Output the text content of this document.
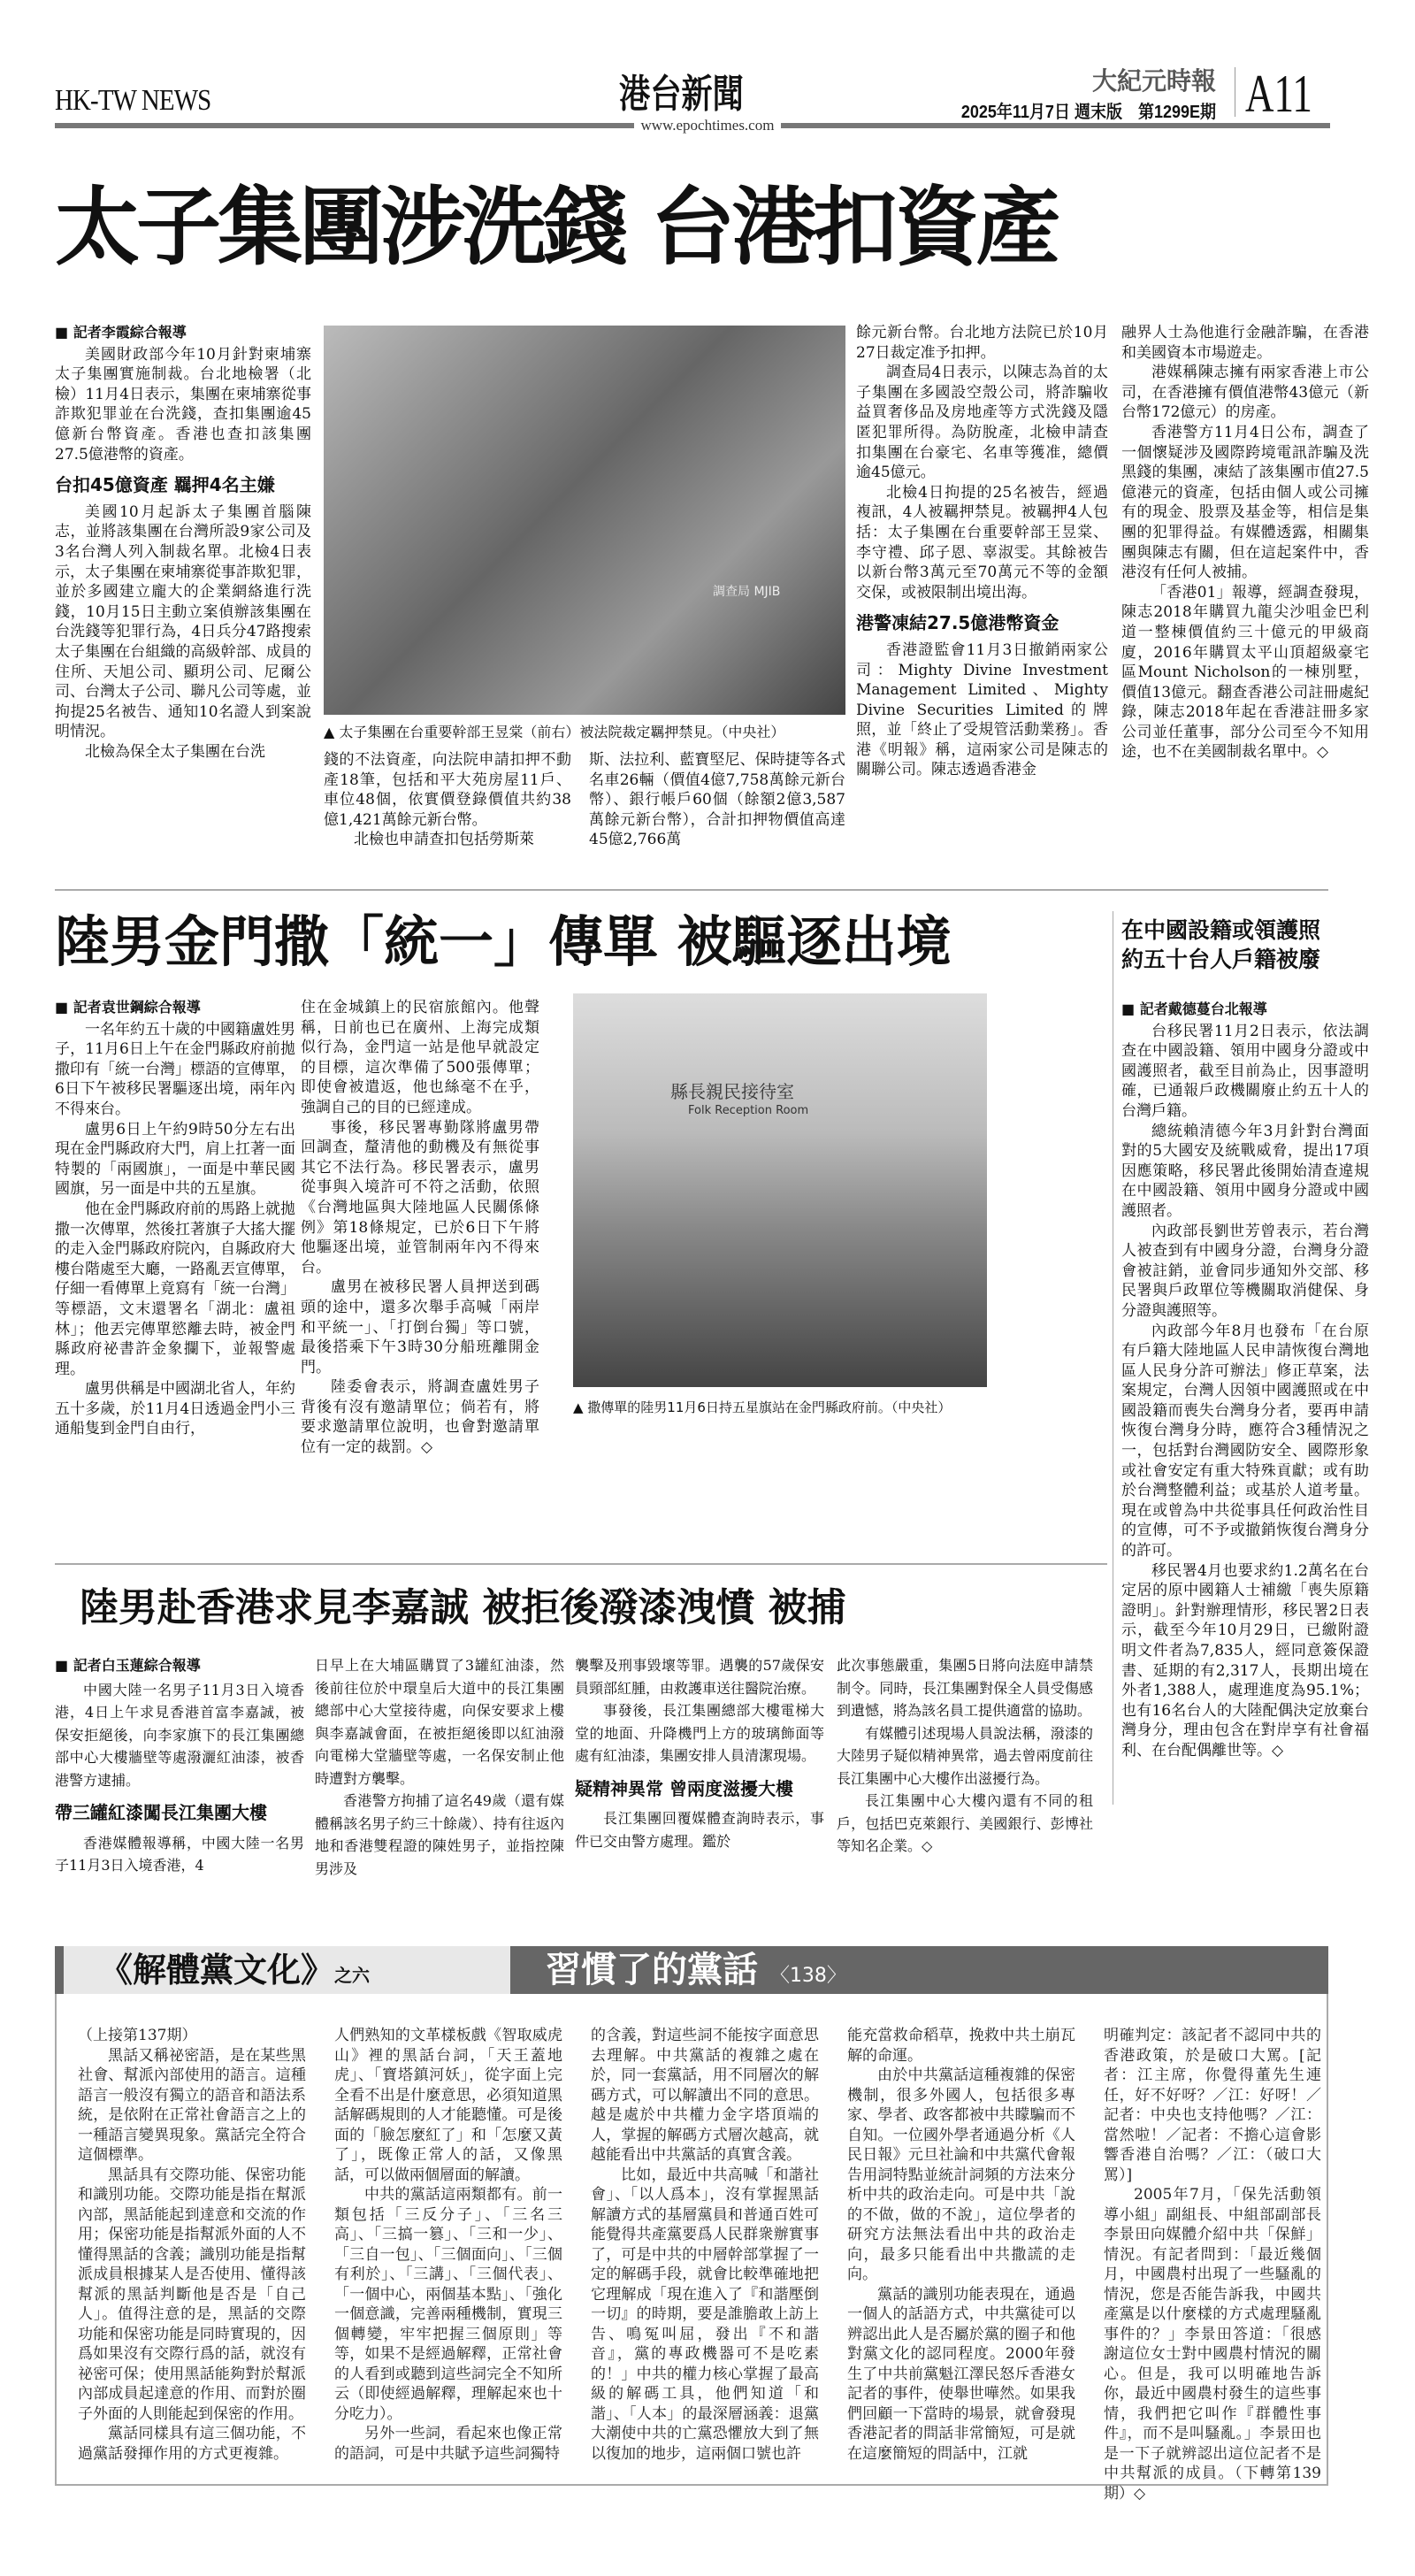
HK-TW NEWS	港台新聞
www.epochtimes.com
大紀元時報
2025年11月7日 週末版　第1299E期 A11
太子集團涉洗錢 台港扣資產
■ 記者李霞綜合報導

美國財政部今年10月針對柬埔寨太子集團實施制裁。台北地檢署（北檢）11月4日表示，集團在柬埔寨從事詐欺犯罪並在台洗錢，查扣集團逾45億新台幣資產。香港也查扣該集團27.5億港幣的資產。

台扣45億資產 羈押4名主嫌

美國10月起訴太子集團首腦陳志，並將該集團在台灣所設9家公司及3名台灣人列入制裁名單。北檢4日表示，太子集團在柬埔寨從事詐欺犯罪，並於多國建立龐大的企業網絡進行洗錢，10月15日主動立案偵辦該集團在台洗錢等犯罪行為，4日兵分47路搜索太子集團在台組織的高級幹部、成員的住所、天旭公司、顯玥公司、尼爾公司、台灣太子公司、聯凡公司等處，並拘提25名被告、通知10名證人到案說明情況。

北檢為保全太子集團在台洗

調查局 MJIB
▲ 太子集團在台重要幹部王昱棠（前右）被法院裁定羈押禁見。（中央社）

錢的不法資產，向法院申請扣押不動產18筆，包括和平大苑房屋11戶、車位48個，依實價登錄價值共約38億1,421萬餘元新台幣。

北檢也申請查扣包括勞斯萊

斯、法拉利、藍寶堅尼、保時捷等各式名車26輛（價值4億7,758萬餘元新台幣）、銀行帳戶60個（餘額2億3,587萬餘元新台幣），合計扣押物價值高達45億2,766萬

餘元新台幣。台北地方法院已於10月27日裁定准予扣押。

調查局4日表示，以陳志為首的太子集團在多國設空殼公司，將詐騙收益買奢侈品及房地產等方式洗錢及隱匿犯罪所得。為防脫產，北檢申請查扣集團在台豪宅、名車等獲准，總價逾45億元。

北檢4日拘提的25名被告，經過複訊，4人被羈押禁見。被羈押4人包括：太子集團在台重要幹部王昱棠、李守禮、邱子恩、辜淑雯。其餘被告以新台幣3萬元至70萬元不等的金額交保，或被限制出境出海。

港警凍結27.5億港幣資金

香港證監會11月3日撤銷兩家公司：Mighty Divine Investment Management Limited、Mighty Divine Securities Limited的牌照，並「終止了受規管活動業務」。香港《明報》稱，這兩家公司是陳志的關聯公司。陳志透過香港金

融界人士為他進行金融詐騙，在香港和美國資本市場遊走。

港媒稱陳志擁有兩家香港上市公司，在香港擁有價值港幣43億元（新台幣172億元）的房產。

香港警方11月4日公布，調查了一個懷疑涉及國際跨境電訊詐騙及洗黑錢的集團，凍結了該集團市值27.5億港元的資產，包括由個人或公司擁有的現金、股票及基金等，相信是集團的犯罪得益。有媒體透露，相關集團與陳志有關，但在這起案件中，香港沒有任何人被捕。

「香港01」報導，經調查發現，陳志2018年購買九龍尖沙咀金巴利道一整棟價值約三十億元的甲級商廈，2016年購買太平山頂超級豪宅區Mount Nicholson的一棟別墅，價值13億元。翻查香港公司註冊處紀錄，陳志2018年起在香港註冊多家公司並任董事，部分公司至今不知用途，也不在美國制裁名單中。◇

陸男金門撒「統一」傳單 被驅逐出境
■ 記者袁世鋼綜合報導

一名年約五十歲的中國籍盧姓男子，11月6日上午在金門縣政府前拋撒印有「統一台灣」標語的宣傳單，6日下午被移民署驅逐出境，兩年內不得來台。

盧男6日上午約9時50分左右出現在金門縣政府大門，肩上扛著一面特製的「兩國旗」，一面是中華民國國旗，另一面是中共的五星旗。

他在金門縣政府前的馬路上就拋撒一次傳單，然後扛著旗子大搖大擺的走入金門縣政府院內，自縣政府大樓台階處至大廳，一路亂丟宣傳單，仔細一看傳單上竟寫有「統一台灣」等標語，文末還署名「湖北：盧祖林」；他丟完傳單慾離去時，被金門縣政府祕書許金象攔下，並報警處理。

盧男供稱是中國湖北省人，年約五十多歲，於11月4日透過金門小三通船隻到金門自由行，

住在金城鎮上的民宿旅館內。他聲稱，日前也已在廣州、上海完成類似行為，金門這一站是他早就設定的目標，這次準備了500張傳單；即使會被遣返，他也絲毫不在乎，強調自己的目的已經達成。

事後，移民署專勤隊將盧男帶回調查，釐清他的動機及有無從事其它不法行為。移民署表示，盧男從事與入境許可不符之活動，依照《台灣地區與大陸地區人民關係條例》第18條規定，已於6日下午將他驅逐出境，並管制兩年內不得來台。

盧男在被移民署人員押送到碼頭的途中，還多次舉手高喊「兩岸和平統一」、「打倒台獨」等口號，最後搭乘下午3時30分船班離開金門。

陸委會表示，將調查盧姓男子背後有沒有邀請單位；倘若有，將要求邀請單位說明，也會對邀請單位有一定的裁罰。◇

縣長親民接待室
Folk Reception Room
▲ 撒傳單的陸男11月6日持五星旗站在金門縣政府前。（中央社）
在中國設籍或領護照
約五十台人戶籍被廢
■ 記者戴德蔓台北報導

台移民署11月2日表示，依法調查在中國設籍、領用中國身分證或中國護照者，截至目前為止，因事證明確，已通報戶政機關廢止約五十人的台灣戶籍。

總統賴清德今年3月針對台灣面對的5大國安及統戰威脅，提出17項因應策略，移民署此後開始清查違規在中國設籍、領用中國身分證或中國護照者。

內政部長劉世芳曾表示，若台灣人被查到有中國身分證，台灣身分證會被註銷，並會同步通知外交部、移民署與戶政單位等機關取消健保、身分證與護照等。

內政部今年8月也發布「在台原有戶籍大陸地區人民申請恢復台灣地區人民身分許可辦法」修正草案，法案規定，台灣人因領中國護照或在中國設籍而喪失台灣身分者，要再申請恢復台灣身分時，應符合3種情況之一，包括對台灣國防安全、國際形象或社會安定有重大特殊貢獻；或有助於台灣整體利益；或基於人道考量。現在或曾為中共從事具任何政治性目的宣傳，可不予或撤銷恢復台灣身分的許可。

移民署4月也要求約1.2萬名在台定居的原中國籍人士補繳「喪失原籍證明」。針對辦理情形，移民署2日表示，截至今年10月29日，已繳附證明文件者為7,835人，經同意簽保證書、延期的有2,317人，長期出境在外者1,388人，處理進度為95.1%；也有16名台人的大陸配偶決定放棄台灣身分，理由包含在對岸享有社會福利、在台配偶離世等。◇

陸男赴香港求見李嘉誠 被拒後潑漆洩憤 被捕
■ 記者白玉蓮綜合報導

中國大陸一名男子11月3日入境香港，4日上午求見香港首富李嘉誠，被保安拒絕後，向李家旗下的長江集團總部中心大樓牆壁等處潑灑紅油漆，被香港警方逮捕。

帶三罐紅漆闖長江集團大樓

香港媒體報導稱，中國大陸一名男子11月3日入境香港，4

日早上在大埔區購買了3罐紅油漆，然後前往位於中環皇后大道中的長江集團總部中心大堂接待處，向保安要求上樓與李嘉誠會面，在被拒絕後即以紅油潑向電梯大堂牆壁等處，一名保安制止他時遭對方襲擊。

香港警方拘捕了這名49歲（還有媒體稱該名男子約三十餘歲）、持有往返內地和香港雙程證的陳姓男子，並指控陳男涉及

襲擊及刑事毀壞等罪。遇襲的57歲保安員頸部紅腫，由救護車送往醫院治療。

事發後，長江集團總部大樓電梯大堂的地面、升降機門上方的玻璃飾面等處有紅油漆，集團安排人員清潔現場。

疑精神異常 曾兩度滋擾大樓

長江集團回覆媒體查詢時表示，事件已交由警方處理。鑑於

此次事態嚴重，集團5日將向法庭申請禁制令。同時，長江集團對保全人員受傷感到遺憾，將為該名員工提供適當的協助。

有媒體引述現場人員說法稱，潑漆的大陸男子疑似精神異常，過去曾兩度前往長江集團中心大樓作出滋擾行為。

長江集團中心大樓內還有不同的租戶，包括巴克萊銀行、美國銀行、彭博社等知名企業。◇

《解體黨文化》之六	習慣了的黨話 〈138〉
（上接第137期）

黑話又稱祕密語，是在某些黑社會、幫派內部使用的語言。這種語言一般沒有獨立的語音和語法系統，是依附在正常社會語言之上的一種語言變異現象。黨話完全符合這個標準。

黑話具有交際功能、保密功能和識別功能。交際功能是指在幫派內部，黑話能起到達意和交流的作用；保密功能是指幫派外面的人不懂得黑話的含義；識別功能是指幫派成員根據某人是否使用、懂得該幫派的黑話判斷他是否是「自己人」。值得注意的是，黑話的交際功能和保密功能是同時實現的，因爲如果沒有交際行爲的話，就沒有祕密可保；使用黑話能夠對於幫派內部成員起達意的作用、而對於圈子外面的人則能起到保密的作用。

黨話同樣具有這三個功能，不過黨話發揮作用的方式更複雜。

人們熟知的文革樣板戲《智取威虎山》裡的黑話台詞，「天王蓋地虎」、「寶塔鎮河妖」，從字面上完全看不出是什麼意思，必須知道黑話解碼規則的人才能聽懂。可是後面的「臉怎麼紅了」和「怎麼又黃了」，既像正常人的話，又像黑話，可以做兩個層面的解讀。

中共的黨話這兩類都有。前一類包括「三反分子」、「三名三高」、「三搞一篡」、「三和一少」、「三自一包」、「三個面向」、「三個有利於」、「三講」、「三個代表」、「一個中心，兩個基本點」、「強化一個意識，完善兩種機制，實現三個轉變，牢牢把握三個原則」等等，如果不是經過解釋，正常社會的人看到或聽到這些詞完全不知所云（即使經過解釋，理解起來也十分吃力）。

另外一些詞，看起來也像正常的語詞，可是中共賦予這些詞獨特

的含義，對這些詞不能按字面意思去理解。中共黨話的複雜之處在於，同一套黨話，用不同層次的解碼方式，可以解讀出不同的意思。越是處於中共權力金字塔頂端的人，掌握的解碼方式層次越高，就越能看出中共黨話的真實含義。

比如，最近中共高喊「和諧社會」、「以人爲本」，沒有掌握黑話解讀方式的基層黨員和普通百姓可能覺得共產黨要爲人民群衆辦實事了，可是中共的中層幹部掌握了一定的解碼手段，就會比較準確地把它理解成「現在進入了『和諧壓倒一切』的時期，要是誰膽敢上訪上告、鳴冤叫屈，發出『不和諧音』，黨的專政機器可不是吃素的！」中共的權力核心掌握了最高級的解碼工具，他們知道「和諧」、「人本」的最深層涵義：退黨大潮使中共的亡黨恐懼放大到了無以復加的地步，這兩個口號也許

能充當救命稻草，挽救中共土崩瓦解的命運。

由於中共黨話這種複雜的保密機制，很多外國人，包括很多專家、學者、政客都被中共矇騙而不自知。一位國外學者通過分析《人民日報》元旦社論和中共黨代會報告用詞特點並統計詞頻的方法來分析中共的政治走向。可是中共「說的不做，做的不說」，這位學者的研究方法無法看出中共的政治走向，最多只能看出中共撒謊的走向。

黨話的識別功能表現在，通過一個人的話語方式，中共黨徒可以辨認出此人是否屬於黨的圈子和他對黨文化的認同程度。2000年發生了中共前黨魁江澤民怒斥香港女記者的事件，使舉世嘩然。如果我們回顧一下當時的場景，就會發現香港記者的問話非常簡短，可是就在這麼簡短的問話中，江就

明確判定：該記者不認同中共的香港政策，於是破口大罵。[記者：江主席，你覺得董先生連任，好不好呀？／江：好呀！／記者：中央也支持他嗎？／江：當然啦！／記者：不擔心這會影響香港自治嗎？／江：（破口大罵）]

2005年7月，「保先活動領導小組」副組長、中組部副部長李景田向媒體介紹中共「保鮮」情況。有記者問到：「最近幾個月，中國農村出現了一些騷亂的情況，您是否能告訴我，中國共產黨是以什麼樣的方式處理騷亂事件的？」李景田答道：「很感謝這位女士對中國農村情況的關心。但是，我可以明確地告訴你，最近中國農村發生的這些事情，我們把它叫作『群體性事件』，而不是叫騷亂。」李景田也是一下子就辨認出這位記者不是中共幫派的成員。（下轉第139期）◇
